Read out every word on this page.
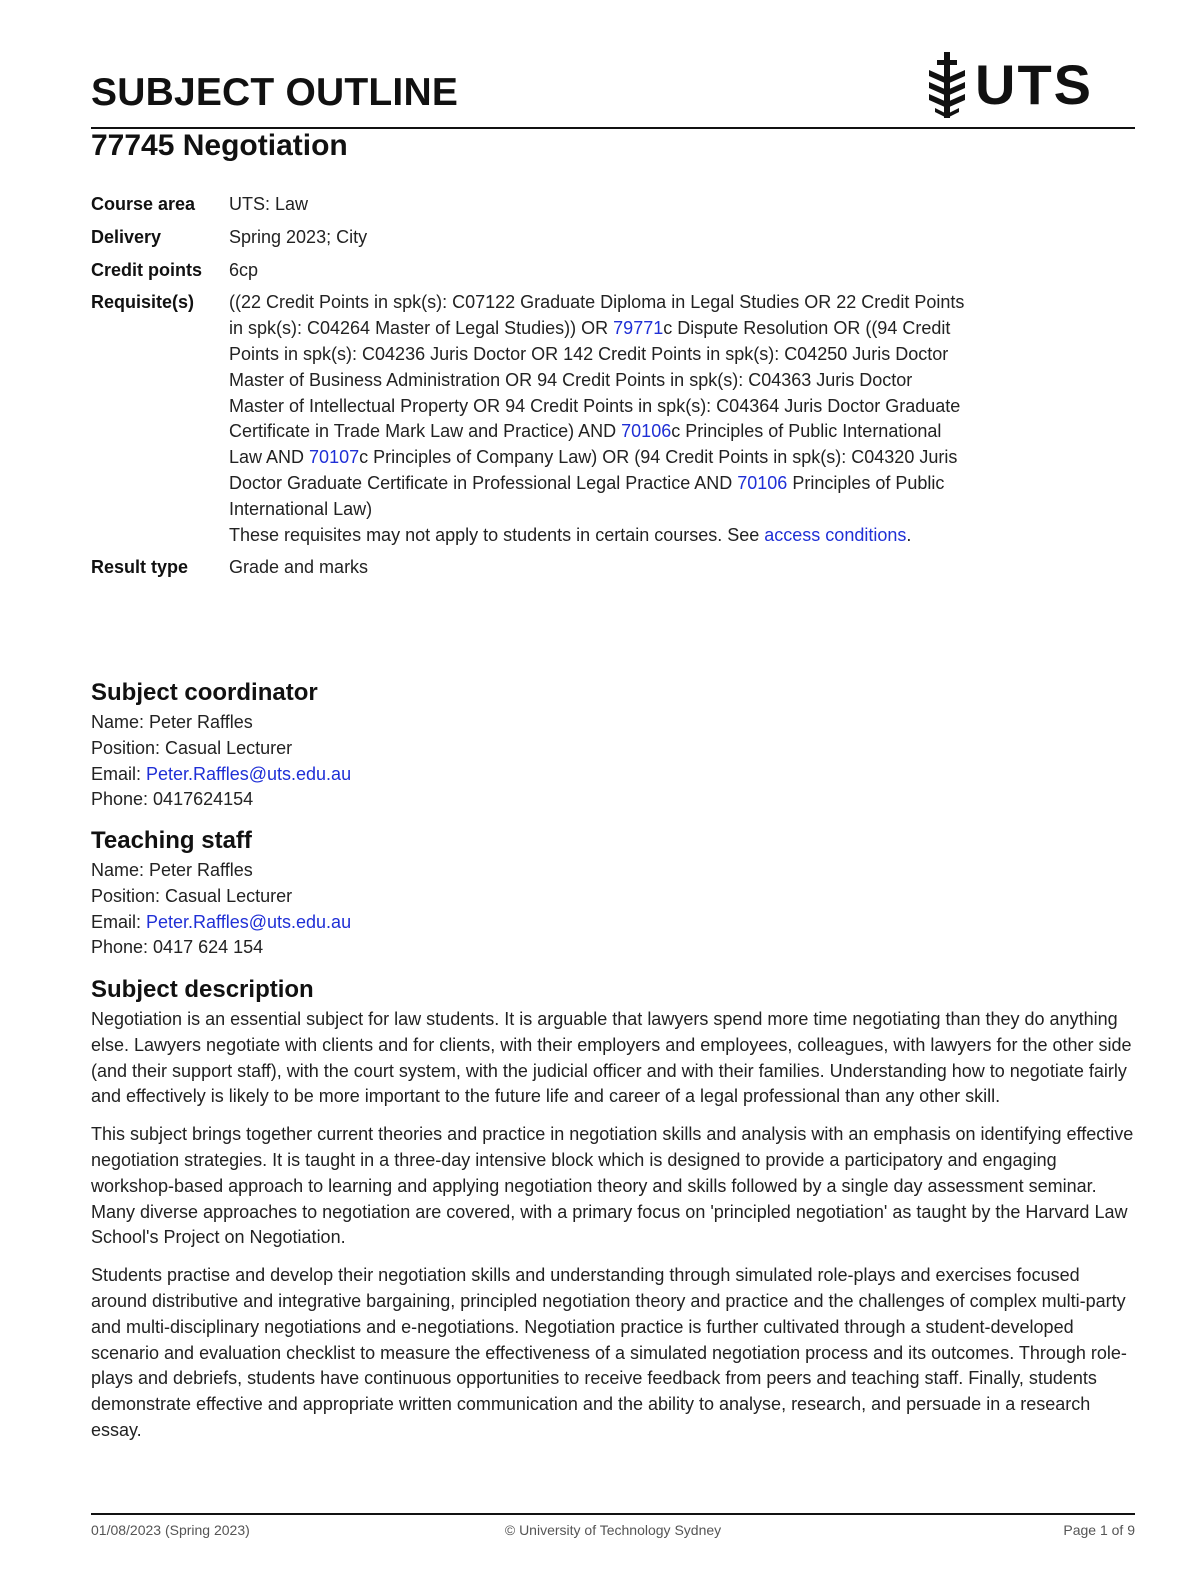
SUBJECT OUTLINE	UTS
77745 Negotiation
Course area	UTS: Law
Delivery	Spring 2023; City
Credit points	6cp
Requisite(s)	((22 Credit Points in spk(s): C07122 Graduate Diploma in Legal Studies OR 22 Credit Points in spk(s): C04264 Master of Legal Studies)) OR 79771c Dispute Resolution OR ((94 Credit Points in spk(s): C04236 Juris Doctor OR 142 Credit Points in spk(s): C04250 Juris Doctor Master of Business Administration OR 94 Credit Points in spk(s): C04363 Juris Doctor Master of Intellectual Property OR 94 Credit Points in spk(s): C04364 Juris Doctor Graduate Certificate in Trade Mark Law and Practice) AND 70106c Principles of Public International Law AND 70107c Principles of Company Law) OR (94 Credit Points in spk(s): C04320 Juris Doctor Graduate Certificate in Professional Legal Practice AND 70106 Principles of Public International Law)
These requisites may not apply to students in certain courses. See access conditions.
Result type	Grade and marks
Subject coordinator
Name: Peter Raffles
Position: Casual Lecturer
Email: Peter.Raffles@uts.edu.au
Phone: 0417624154
Teaching staff
Name: Peter Raffles
Position: Casual Lecturer
Email: Peter.Raffles@uts.edu.au
Phone: 0417 624 154
Subject description

Negotiation is an essential subject for law students. It is arguable that lawyers spend more time negotiating than they do anything else. Lawyers negotiate with clients and for clients, with their employers and employees, colleagues, with lawyers for the other side (and their support staff), with the court system, with the judicial officer and with their families. Understanding how to negotiate fairly and effectively is likely to be more important to the future life and career of a legal professional than any other skill.

This subject brings together current theories and practice in negotiation skills and analysis with an emphasis on identifying effective negotiation strategies. It is taught in a three-day intensive block which is designed to provide a participatory and engaging workshop-based approach to learning and applying negotiation theory and skills followed by a single day assessment seminar. Many diverse approaches to negotiation are covered, with a primary focus on 'principled negotiation' as taught by the Harvard Law School's Project on Negotiation.

Students practise and develop their negotiation skills and understanding through simulated role-plays and exercises focused around distributive and integrative bargaining, principled negotiation theory and practice and the challenges of complex multi-party and multi-disciplinary negotiations and e-negotiations. Negotiation practice is further cultivated through a student-developed scenario and evaluation checklist to measure the effectiveness of a simulated negotiation process and its outcomes. Through role-plays and debriefs, students have continuous opportunities to receive feedback from peers and teaching staff. Finally, students demonstrate effective and appropriate written communication and the ability to analyse, research, and persuade in a research essay.

01/08/2023 (Spring 2023)	© University of Technology Sydney	Page 1 of 9
